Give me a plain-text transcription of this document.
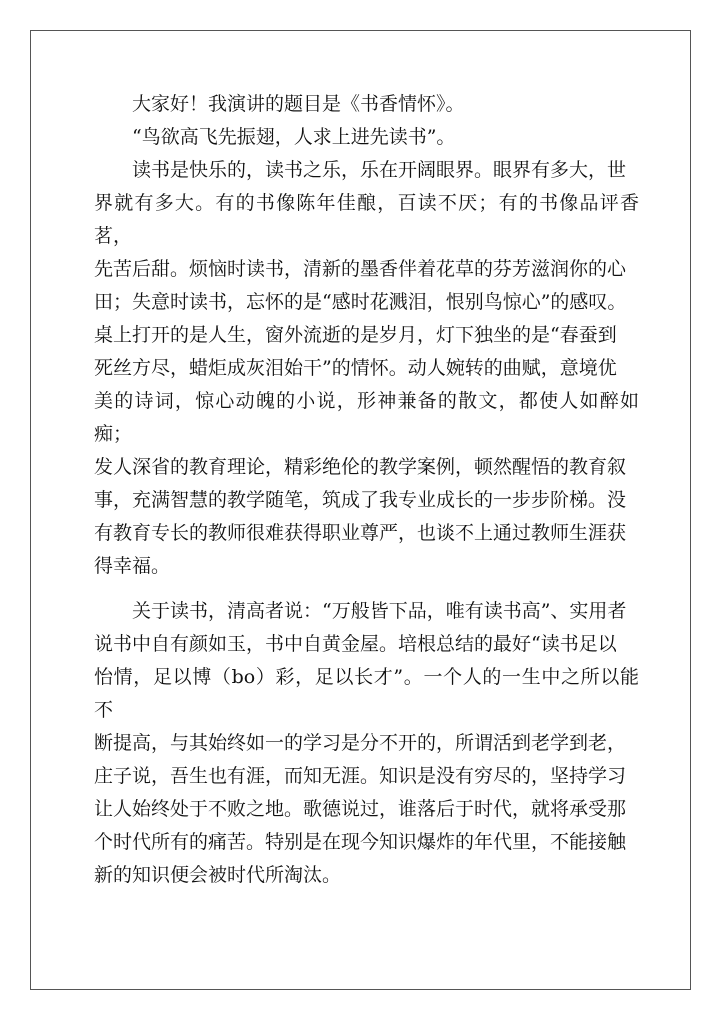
大家好！我演讲的题目是《书香情怀》。

“鸟欲高飞先振翅，人求上进先读书”。

读书是快乐的，读书之乐，乐在开阔眼界。眼界有多大，世
界就有多大。有的书像陈年佳酿，百读不厌；有的书像品评香茗，
先苦后甜。烦恼时读书，清新的墨香伴着花草的芬芳滋润你的心
田；失意时读书，忘怀的是“感时花溅泪，恨别鸟惊心”的感叹。
桌上打开的是人生，窗外流逝的是岁月，灯下独坐的是“春蚕到
死丝方尽，蜡炬成灰泪始干”的情怀。动人婉转的曲赋，意境优
美的诗词，惊心动魄的小说，形神兼备的散文，都使人如醉如痴；
发人深省的教育理论，精彩绝伦的教学案例，顿然醒悟的教育叙
事，充满智慧的教学随笔，筑成了我专业成长的一步步阶梯。没
有教育专长的教师很难获得职业尊严，也谈不上通过教师生涯获
得幸福。

关于读书，清高者说：“万般皆下品，唯有读书高”、实用者
说书中自有颜如玉，书中自黄金屋。培根总结的最好“读书足以
怡情，足以博（bo）彩，足以长才”。一个人的一生中之所以能不
断提高，与其始终如一的学习是分不开的，所谓活到老学到老，
庄子说，吾生也有涯，而知无涯。知识是没有穷尽的，坚持学习
让人始终处于不败之地。歌德说过，谁落后于时代，就将承受那
个时代所有的痛苦。特别是在现今知识爆炸的年代里，不能接触
新的知识便会被时代所淘汰。
